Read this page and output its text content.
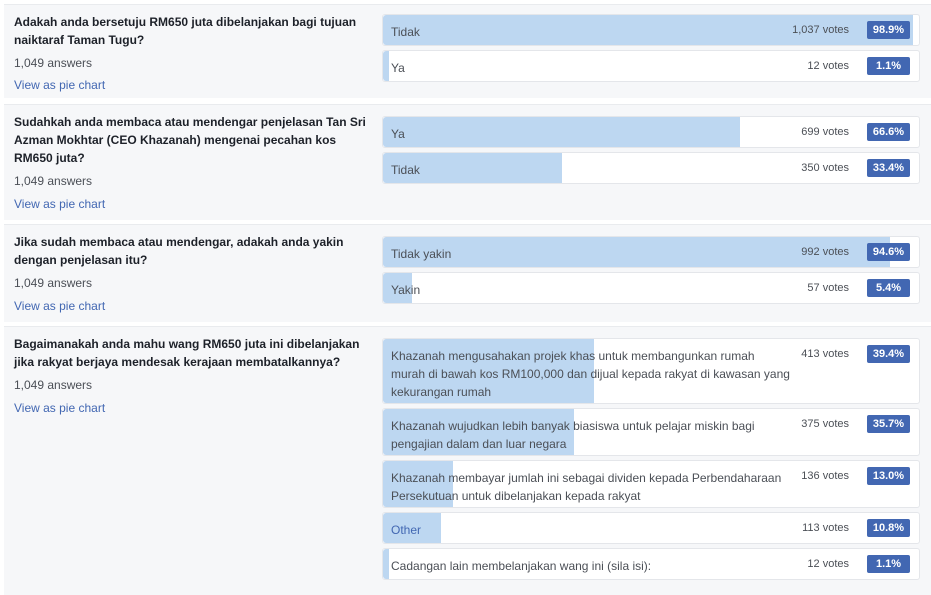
Adakah anda bersetuju RM650 juta dibelanjakan bagi tujuan naiktaraf Taman Tugu?
1,049 answers
View as pie chart
Tidak	1,037 votes	98.9%
Ya	12 votes	1.1%
Sudahkah anda membaca atau mendengar penjelasan Tan Sri Azman Mokhtar (CEO Khazanah) mengenai pecahan kos RM650 juta?
1,049 answers
View as pie chart
Ya	699 votes	66.6%
Tidak	350 votes	33.4%
Jika sudah membaca atau mendengar, adakah anda yakin dengan penjelasan itu?
1,049 answers
View as pie chart
Tidak yakin	992 votes	94.6%
Yakin	57 votes	5.4%
Bagaimanakah anda mahu wang RM650 juta ini dibelanjakan jika rakyat berjaya mendesak kerajaan membatalkannya?
1,049 answers
View as pie chart
Khazanah mengusahakan projek khas untuk membangunkan rumah murah di bawah kos RM100,000 dan dijual kepada rakyat di kawasan yang kekurangan rumah
413 votes	39.4%
Khazanah wujudkan lebih banyak biasiswa untuk pelajar miskin bagi pengajian dalam dan luar negara
375 votes	35.7%
Khazanah membayar jumlah ini sebagai dividen kepada Perbendaharaan Persekutuan untuk dibelanjakan kepada rakyat
136 votes	13.0%
Other	113 votes	10.8%
Cadangan lain membelanjakan wang ini (sila isi):	12 votes	1.1%
